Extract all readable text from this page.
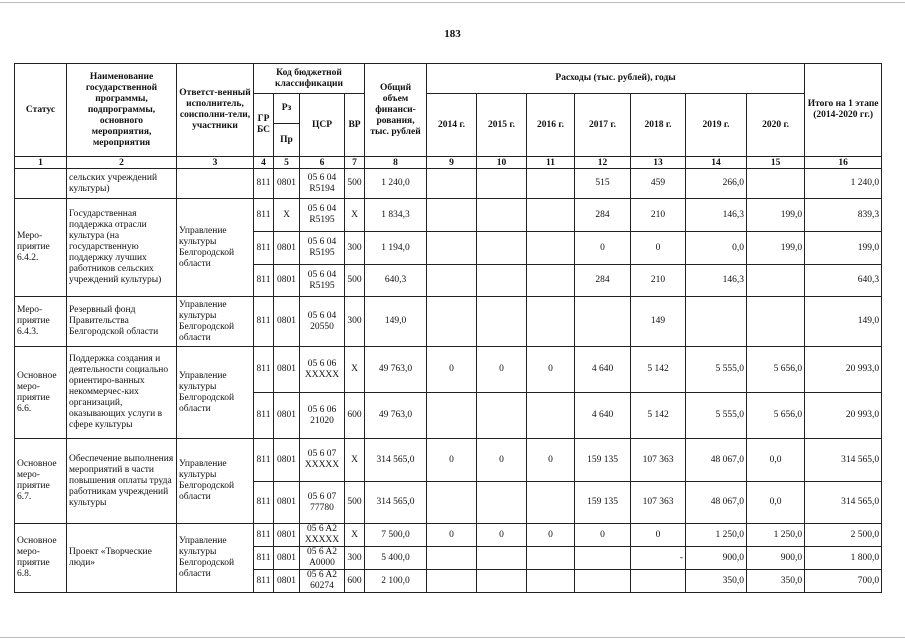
183
Статус	Наименование государственной программы, подпрограммы, основного мероприятия, мероприятия	Ответст-венный исполнитель, соисполни-тели, участники	Код бюджетной классификации				Общий объем финанси-рования, тыс. рублей	Расходы (тыс. рублей), годы							Итого на 1 этапе (2014-2020 гг.)
			ГР БС	Рз	ЦСР	ВР		2014 г.	2015 г.	2016 г.	2017 г.	2018 г.	2019 г.	2020 г.	
				Пр											
1	2	3	4	5	6	7	8	9	10	11	12	13	14	15	16
	сельских учреждений культуры)		811	0801	05 6 04 R5194	500	1 240,0				515	459	266,0		1 240,0
Меро-приятие 6.4.2.	Государственная поддержка отрасли культура (на государственную поддержку лучших работников сельских учреждений культуры)	Управление культуры Белгородской области	811	Х	05 6 04 R5195	Х	1 834,3				284	210	146,3	199,0	839,3
			811	0801	05 6 04 R5195	300	1 194,0				0	0	0,0	199,0	199,0
			811	0801	05 6 04 R5195	500	640,3				284	210	146,3		640,3
Меро-приятие 6.4.3.	Резервный фонд Правительства Белгородской области	Управление культуры Белгородской области	811	0801	05 6 04 20550	300	149,0					149			149,0
Основное меро-приятие 6.6.	Поддержка создания и деятельности социально ориентиро-ванных некоммерчес-ких организаций, оказывающих услуги в сфере культуры	Управление культуры Белгородской области	811	0801	05 6 06 ХХХХХ	Х	49 763,0	0	0	0	4 640	5 142	5 555,0	5 656,0	20 993,0
			811	0801	05 6 06 21020	600	49 763,0				4 640	5 142	5 555,0	5 656,0	20 993,0
Основное меро-приятие 6.7.	Обеспечение выполнения мероприятий в части повышения оплаты труда работникам учреждений культуры	Управление культуры Белгородской области	811	0801	05 6 07 ХХХХХ	Х	314 565,0	0	0	0	159 135	107 363	48 067,0	0,0	314 565,0
			811	0801	05 6 07 77780	500	314 565,0				159 135	107 363	48 067,0	0,0	314 565,0
Основное меро-приятие 6.8.	Проект «Творческие люди»	Управление культуры Белгородской области	811	0801	05 6 A2 ХХХХХ	Х	7 500,0	0	0	0	0	0	1 250,0	1 250,0	2 500,0
			811	0801	05 6 A2 A0000	300	5 400,0					-	900,0	900,0	1 800,0
			811	0801	05 6 A2 60274	600	2 100,0						350,0	350,0	700,0
